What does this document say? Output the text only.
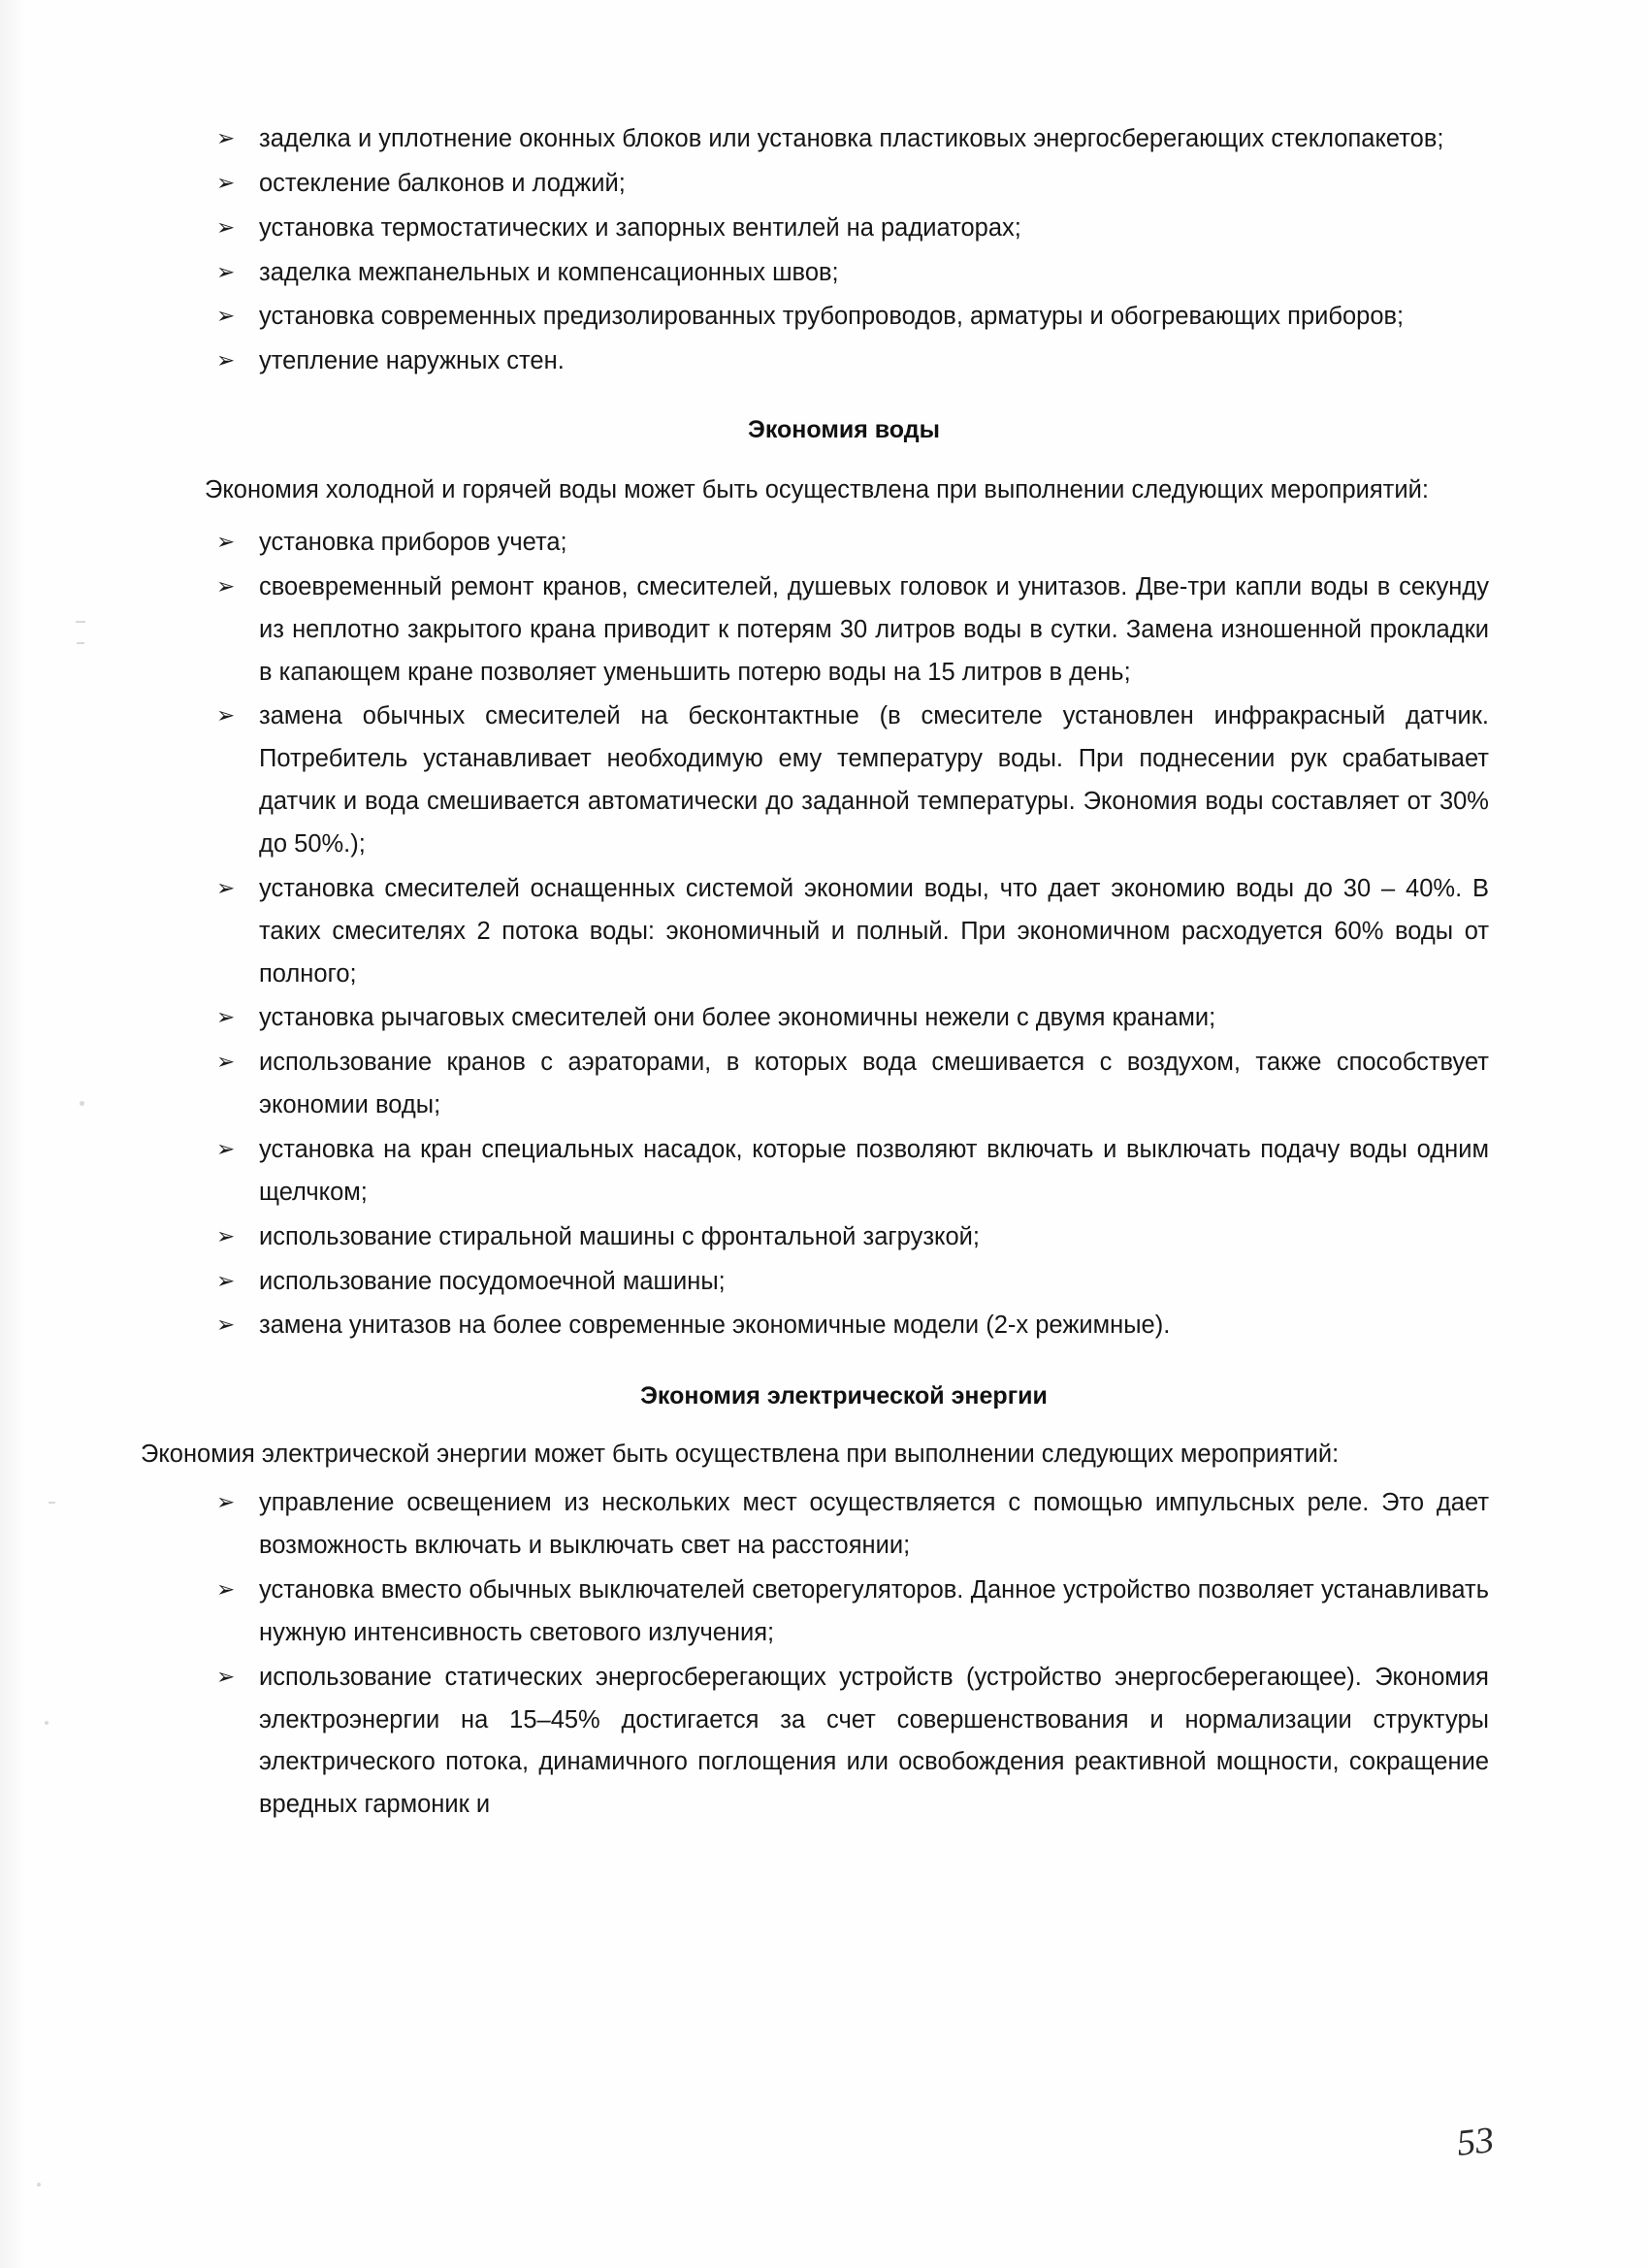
➢ заделка и уплотнение оконных блоков или установка пластиковых энергосберегающих стеклопакетов;
➢ остекление балконов и лоджий;
➢ установка термостатических и запорных вентилей на радиаторах;
➢ заделка межпанельных и компенсационных швов;
➢ установка современных предизолированных трубопроводов, арматуры и обогревающих приборов;
➢ утепление наружных стен.
Экономия воды

Экономия холодной и горячей воды может быть осуществлена при выполнении следующих мероприятий:

➢ установка приборов учета;
➢ своевременный ремонт кранов, смесителей, душевых головок и унитазов. Две-три капли воды в секунду из неплотно закрытого крана приводит к потерям 30 литров воды в сутки. Замена изношенной прокладки в капающем кране позволяет уменьшить потерю воды на 15 литров в день;
➢ замена обычных смесителей на бесконтактные (в смесителе установлен инфракрасный датчик. Потребитель устанавливает необходимую ему температуру воды. При поднесении рук срабатывает датчик и вода смешивается автоматически до заданной температуры. Экономия воды составляет от 30% до 50%.);
➢ установка смесителей оснащенных системой экономии воды, что дает экономию воды до 30 – 40%. В таких смесителях 2 потока воды: экономичный и полный. При экономичном расходуется 60% воды от полного;
➢ установка рычаговых смесителей они более экономичны нежели с двумя кранами;
➢ использование кранов с аэраторами, в которых вода смешивается с воздухом, также способствует экономии воды;
➢ установка на кран специальных насадок, которые позволяют включать и выключать подачу воды одним щелчком;
➢ использование стиральной машины с фронтальной загрузкой;
➢ использование посудомоечной машины;
➢ замена унитазов на более современные экономичные модели (2-х режимные).
Экономия электрической энергии

Экономия электрической энергии может быть осуществлена при выполнении следующих мероприятий:

➢ управление освещением из нескольких мест осуществляется с помощью импульсных реле. Это дает возможность включать и выключать свет на расстоянии;
➢ установка вместо обычных выключателей светорегуляторов. Данное устройство позволяет устанавливать нужную интенсивность светового излучения;
➢ использование статических энергосберегающих устройств (устройство энергосберегающее). Экономия электроэнергии на 15–45% достигается за счет совершенствования и нормализации структуры электрического потока, динамичного поглощения или освобождения реактивной мощности, сокращение вредных гармоник и
53
